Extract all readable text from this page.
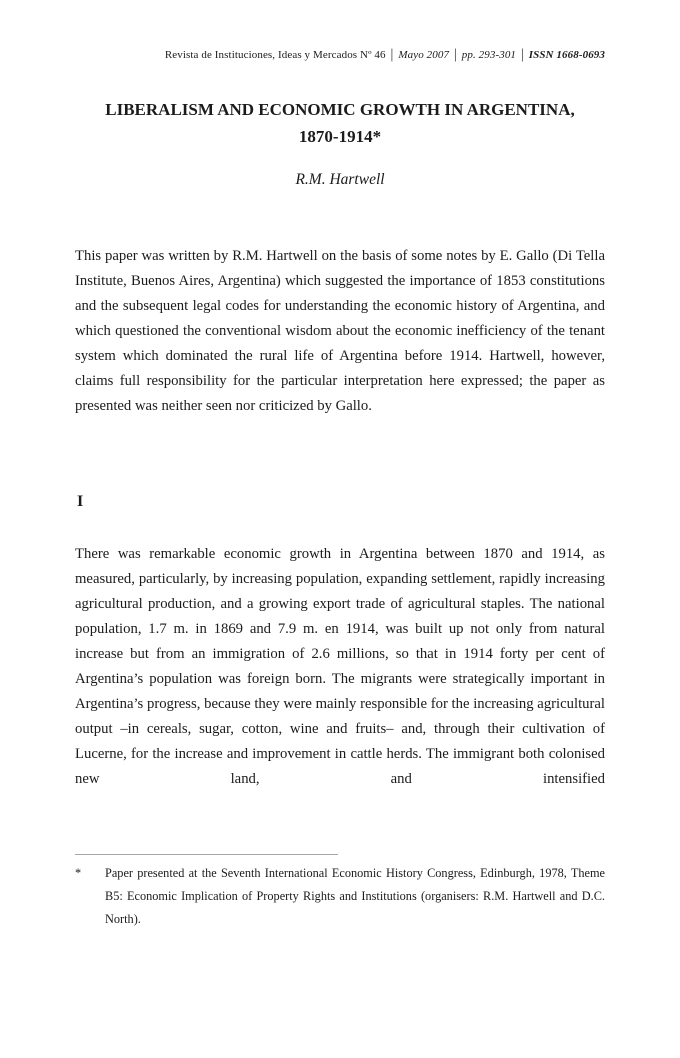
Revista de Instituciones, Ideas y Mercados Nº 46 | Mayo 2007 | pp. 293-301 | ISSN 1668-0693
LIBERALISM AND ECONOMIC GROWTH IN ARGENTINA,
1870-1914*
R.M. Hartwell
This paper was written by R.M. Hartwell on the basis of some notes by E. Gallo (Di Tella Institute, Buenos Aires, Argentina) which suggested the importance of 1853 constitutions and the subsequent legal codes for understanding the economic history of Argentina, and which questioned the conventional wisdom about the economic inefficiency of the tenant system which dominated the rural life of Argentina before 1914. Hartwell, however, claims full responsibility for the particular interpretation here expressed; the paper as presented was neither seen nor criticized by Gallo.
I
There was remarkable economic growth in Argentina between 1870 and 1914, as measured, particularly, by increasing population, expanding settlement, rapidly increasing agricultural production, and a growing export trade of agricultural staples. The national population, 1.7 m. in 1869 and 7.9 m. en 1914, was built up not only from natural increase but from an immigration of 2.6 millions, so that in 1914 forty per cent of Argentina’s population was foreign born. The migrants were strategically important in Argentina’s progress, because they were mainly responsible for the increasing agricultural output –in cereals, sugar, cotton, wine and fruits– and, through their cultivation of Lucerne, for the increase and improvement in cattle herds. The immigrant both colonised new land, and intensified
*	Paper presented at the Seventh International Economic History Congress, Edinburgh, 1978, Theme B5: Economic Implication of Property Rights and Institutions (organisers: R.M. Hartwell and D.C. North).
